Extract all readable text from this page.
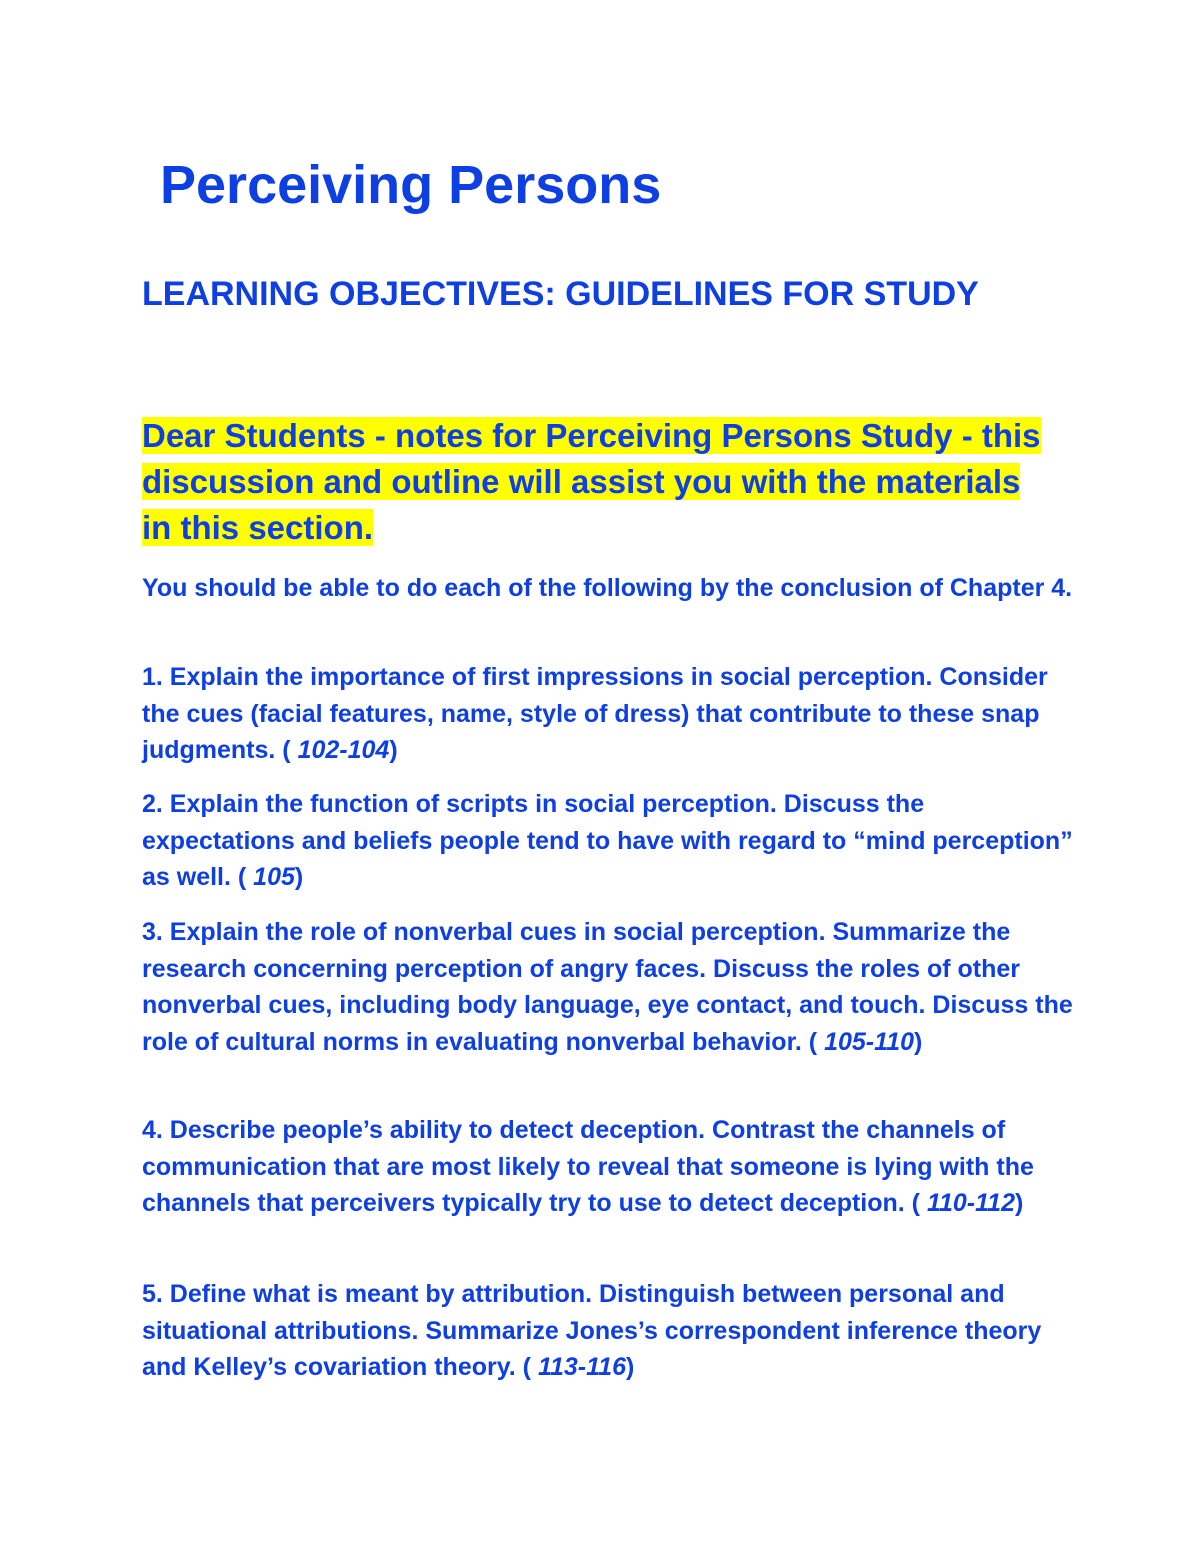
Perceiving Persons
LEARNING OBJECTIVES: GUIDELINES FOR STUDY

Dear Students - notes for Perceiving Persons Study - this discussion and outline will assist you with the materials in this section.

You should be able to do each of the following by the conclusion of Chapter 4.

1. Explain the importance of first impressions in social perception. Consider the cues (facial features, name, style of dress) that contribute to these snap judgments. ( 102-104)

2. Explain the function of scripts in social perception. Discuss the expectations and beliefs people tend to have with regard to “mind perception” as well. ( 105)

3. Explain the role of nonverbal cues in social perception. Summarize the research concerning perception of angry faces. Discuss the roles of other nonverbal cues, including body language, eye contact, and touch. Discuss the role of cultural norms in evaluating nonverbal behavior. ( 105-110)

4. Describe people’s ability to detect deception. Contrast the channels of communication that are most likely to reveal that someone is lying with the channels that perceivers typically try to use to detect deception. ( 110-112)

5. Define what is meant by attribution. Distinguish between personal and situational attributions. Summarize Jones’s correspondent inference theory and Kelley’s covariation theory. ( 113-116)
